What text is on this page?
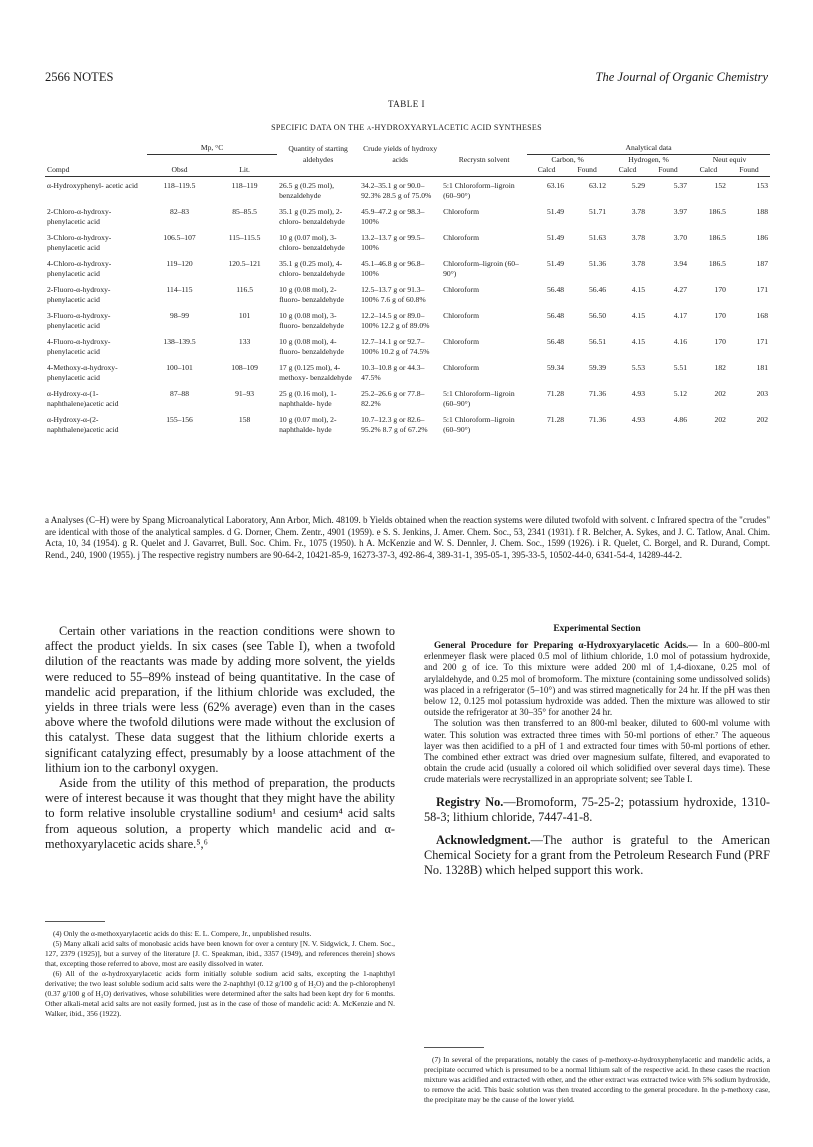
2566 NOTES	The Journal of Organic Chemistry
TABLE I
SPECIFIC DATA ON THE α-HYDROXYARYLACETIC ACID SYNTHESES
	Mp, °C		Quantity of starting aldehydes	Crude yields of hydroxy acids	Recrystn solvent	Analytical data					
						Carbon, %		Hydrogen, %		Neut equiv	
Compd	Obsd	Lit.				Calcd	Found	Calcd	Found	Calcd	Found
α-Hydroxyphenyl- acetic acid	118–119.5	118–119	26.5 g (0.25 mol), benzaldehyde	34.2–35.1 g or 90.0–92.3% 28.5 g of 75.0%	5:1 Chloroform–ligroin (60–90°)	63.16	63.12	5.29	5.37	152	153
2-Chloro-α-hydroxy- phenylacetic acid	82–83	85–85.5	35.1 g (0.25 mol), 2-chloro- benzaldehyde	45.9–47.2 g or 98.3–100%	Chloroform	51.49	51.71	3.78	3.97	186.5	188
3-Chloro-α-hydroxy- phenylacetic acid	106.5–107	115–115.5	10 g (0.07 mol), 3-chloro- benzaldehyde	13.2–13.7 g or 99.5–100%	Chloroform	51.49	51.63	3.78	3.70	186.5	186
4-Chloro-α-hydroxy- phenylacetic acid	119–120	120.5–121	35.1 g (0.25 mol), 4-chloro- benzaldehyde	45.1–46.8 g or 96.8–100%	Chloroform–ligroin (60–90°)	51.49	51.36	3.78	3.94	186.5	187
2-Fluoro-α-hydroxy- phenylacetic acid	114–115	116.5	10 g (0.08 mol), 2-fluoro- benzaldehyde	12.5–13.7 g or 91.3–100% 7.6 g of 60.8%	Chloroform	56.48	56.46	4.15	4.27	170	171
3-Fluoro-α-hydroxy- phenylacetic acid	98–99	101	10 g (0.08 mol), 3-fluoro- benzaldehyde	12.2–14.5 g or 89.0–100% 12.2 g of 89.0%	Chloroform	56.48	56.50	4.15	4.17	170	168
4-Fluoro-α-hydroxy- phenylacetic acid	138–139.5	133	10 g (0.08 mol), 4-fluoro- benzaldehyde	12.7–14.1 g or 92.7–100% 10.2 g of 74.5%	Chloroform	56.48	56.51	4.15	4.16	170	171
4-Methoxy-α-hydroxy- phenylacetic acid	100–101	108–109	17 g (0.125 mol), 4-methoxy- benzaldehyde	10.3–10.8 g or 44.3–47.5%	Chloroform	59.34	59.39	5.53	5.51	182	181
α-Hydroxy-α-(1- naphthalene)acetic acid	87–88	91–93	25 g (0.16 mol), 1-naphthalde- hyde	25.2–26.6 g or 77.8–82.2%	5:1 Chloroform–ligroin (60–90°)	71.28	71.36	4.93	5.12	202	203
α-Hydroxy-α-(2- naphthalene)acetic acid	155–156	158	10 g (0.07 mol), 2-naphthalde- hyde	10.7–12.3 g or 82.6–95.2% 8.7 g of 67.2%	5:1 Chloroform–ligroin (60–90°)	71.28	71.36	4.93	4.86	202	202
a Analyses (C–H) were by Spang Microanalytical Laboratory, Ann Arbor, Mich. 48109. b Yields obtained when the reaction systems were diluted twofold with solvent. c Infrared spectra of the "crudes" are identical with those of the analytical samples. d G. Dorner, Chem. Zentr., 4901 (1959). e S. S. Jenkins, J. Amer. Chem. Soc., 53, 2341 (1931). f R. Belcher, A. Sykes, and J. C. Tatlow, Anal. Chim. Acta, 10, 34 (1954). g R. Quelet and J. Gavarret, Bull. Soc. Chim. Fr., 1075 (1950). h A. McKenzie and W. S. Dennler, J. Chem. Soc., 1599 (1926). i R. Quelet, C. Borgel, and R. Durand, Compt. Rend., 240, 1900 (1955). j The respective registry numbers are 90-64-2, 10421-85-9, 16273-37-3, 492-86-4, 389-31-1, 395-05-1, 395-33-5, 10502-44-0, 6341-54-4, 14289-44-2.

Certain other variations in the reaction conditions were shown to affect the product yields. In six cases (see Table I), when a twofold dilution of the reactants was made by adding more solvent, the yields were reduced to 55–89% instead of being quantitative. In the case of mandelic acid preparation, if the lithium chloride was excluded, the yields in three trials were less (62% average) even than in the cases above where the twofold dilutions were made without the exclusion of this catalyst. These data suggest that the lithium chloride exerts a significant catalyzing effect, presumably by a loose attachment of the lithium ion to the carbonyl oxygen.

Aside from the utility of this method of preparation, the products were of interest because it was thought that they might have the ability to form relative insoluble crystalline sodium¹ and cesium⁴ acid salts from aqueous solution, a property which mandelic acid and α-methoxyarylacetic acids share.⁵,⁶

(4) Only the α-methoxyarylacetic acids do this: E. L. Compere, Jr., unpublished results.

(5) Many alkali acid salts of monobasic acids have been known for over a century [N. V. Sidgwick, J. Chem. Soc., 127, 2379 (1925)], but a survey of the literature [J. C. Speakman, ibid., 3357 (1949), and references therein] shows that, excepting those referred to above, most are easily dissolved in water.

(6) All of the α-hydroxyarylacetic acids form initially soluble sodium acid salts, excepting the 1-naphthyl derivative; the two least soluble sodium acid salts were the 2-naphthyl (0.12 g/100 g of H₂O) and the p-chlorophenyl (0.37 g/100 g of H₂O) derivatives, whose solubilities were determined after the salts had been kept dry for 6 months. Other alkali-metal acid salts are not easily formed, just as in the case of those of mandelic acid: A. McKenzie and N. Walker, ibid., 356 (1922).

Experimental Section

General Procedure for Preparing α-Hydroxyarylacetic Acids.— In a 600–800-ml erlenmeyer flask were placed 0.5 mol of lithium chloride, 1.0 mol of potassium hydroxide, and 200 g of ice. To this mixture were added 200 ml of 1,4-dioxane, 0.25 mol of arylaldehyde, and 0.25 mol of bromoform. The mixture (containing some undissolved solids) was placed in a refrigerator (5–10°) and was stirred magnetically for 24 hr. If the pH was then below 12, 0.125 mol potassium hydroxide was added. Then the mixture was allowed to stir outside the refrigerator at 30–35° for another 24 hr.

The solution was then transferred to an 800-ml beaker, diluted to 600-ml volume with water. This solution was extracted three times with 50-ml portions of ether.⁷ The aqueous layer was then acidified to a pH of 1 and extracted four times with 50-ml portions of ether. The combined ether extract was dried over magnesium sulfate, filtered, and evaporated to obtain the crude acid (usually a colored oil which solidified over several days time). These crude materials were recrystallized in an appropriate solvent; see Table I.

Registry No.—Bromoform, 75-25-2; potassium hydroxide, 1310-58-3; lithium chloride, 7447-41-8.

Acknowledgment.—The author is grateful to the American Chemical Society for a grant from the Petroleum Research Fund (PRF No. 1328B) which helped support this work.

(7) In several of the preparations, notably the cases of p-methoxy-α-hydroxyphenylacetic and mandelic acids, a precipitate occurred which is presumed to be a normal lithium salt of the respective acid. In these cases the reaction mixture was acidified and extracted with ether, and the ether extract was extracted twice with 5% sodium hydroxide, to remove the acid. This basic solution was then treated according to the general procedure. In the p-methoxy case, the precipitate may be the cause of the lower yield.
